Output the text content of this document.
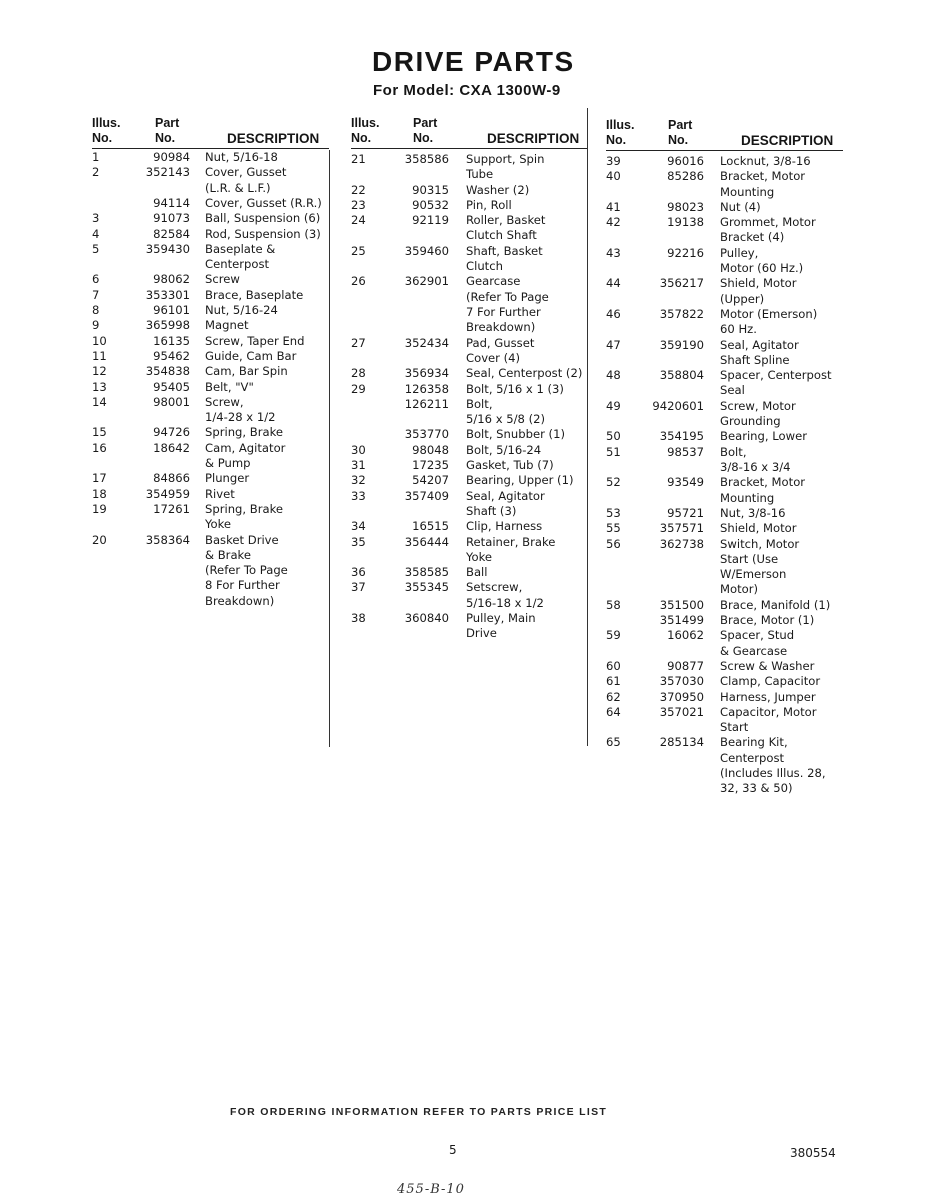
DRIVE PARTS
For Model: CXA 1300W-9
Illus.
No.
Part
No.	DESCRIPTION
1	90984 Nut, 5/16-18
2	352143 Cover, Gusset
(L.R. & L.F.)
94114 Cover, Gusset (R.R.)
3	91073 Ball, Suspension (6)
4	82584 Rod, Suspension (3)
5	359430 Baseplate &
Centerpost
6	98062 Screw
7	353301 Brace, Baseplate
8	96101 Nut, 5/16-24
9	365998 Magnet
10	16135 Screw, Taper End
11	95462 Guide, Cam Bar
12	354838 Cam, Bar Spin
13	95405 Belt, "V"
14	98001 Screw,
1/4-28 x 1/2
15	94726 Spring, Brake
16	18642 Cam, Agitator
& Pump
17	84866 Plunger
18	354959 Rivet
19	17261 Spring, Brake
Yoke
20	358364 Basket Drive
& Brake
(Refer To Page
8 For Further
Breakdown)
Illus.
No.
Part
No.	DESCRIPTION
21	358586 Support, Spin
Tube
22	90315 Washer (2)
23	90532 Pin, Roll
24	92119 Roller, Basket
Clutch Shaft
25	359460 Shaft, Basket
Clutch
26	362901 Gearcase
(Refer To Page
7 For Further
Breakdown)
27	352434 Pad, Gusset
Cover (4)
28	356934 Seal, Centerpost (2)
29	126358 Bolt, 5/16 x 1 (3)
126211 Bolt,
5/16 x 5/8 (2)
353770 Bolt, Snubber (1)
30	98048 Bolt, 5/16-24
31	17235 Gasket, Tub (7)
32	54207 Bearing, Upper (1)
33	357409 Seal, Agitator
Shaft (3)
34	16515 Clip, Harness
35	356444 Retainer, Brake
Yoke
36	358585 Ball
37	355345 Setscrew,
5/16-18 x 1/2
38	360840 Pulley, Main
Drive
Illus.
No.
Part
No.	DESCRIPTION
39	96016 Locknut, 3/8-16
40	85286 Bracket, Motor
Mounting
41	98023 Nut (4)
42	19138 Grommet, Motor
Bracket (4)
43	92216 Pulley,
Motor (60 Hz.)
44	356217 Shield, Motor
(Upper)
46	357822 Motor (Emerson)
60 Hz.
47	359190 Seal, Agitator
Shaft Spline
48	358804 Spacer, Centerpost
Seal
49	9420601 Screw, Motor
Grounding
50	354195 Bearing, Lower
51	98537 Bolt,
3/8-16 x 3/4
52	93549 Bracket, Motor
Mounting
53	95721 Nut, 3/8-16
55	357571 Shield, Motor
56	362738 Switch, Motor
Start (Use
W/Emerson
Motor)
58	351500 Brace, Manifold (1)
351499 Brace, Motor (1)
59	16062 Spacer, Stud
& Gearcase
60	90877 Screw & Washer
61	357030 Clamp, Capacitor
62	370950 Harness, Jumper
64	357021 Capacitor, Motor
Start
65	285134 Bearing Kit,
Centerpost
(Includes Illus. 28,
32, 33 & 50)
FOR ORDERING INFORMATION REFER TO PARTS PRICE LIST
5	380554
455-B-10
